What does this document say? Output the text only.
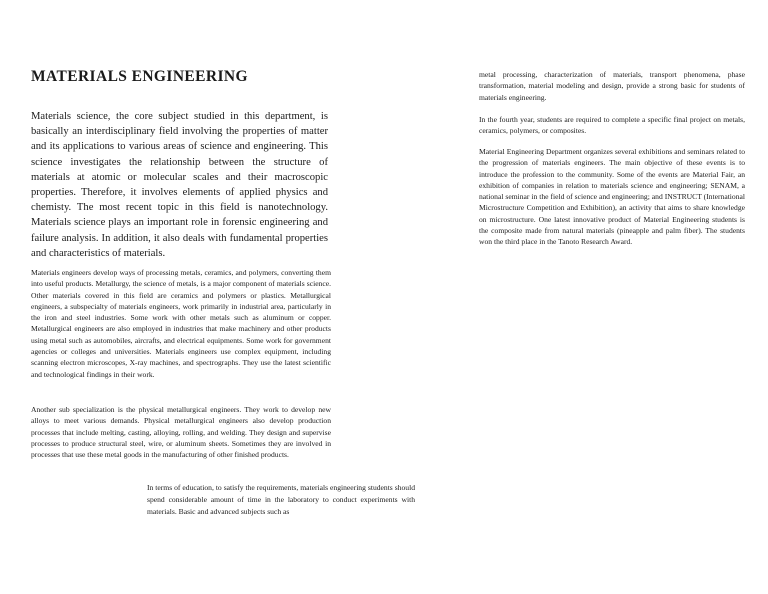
MATERIALS ENGINEERING

Materials science, the core subject studied in this department, is basically an interdisciplinary field involving the properties of matter and its applications to various areas of science and engineering. This science investigates the relationship between the structure of materials at atomic or molecular scales and their macroscopic properties. Therefore, it involves elements of applied physics and chemisty. The most recent topic in this field is nanotechnology. Materials science plays an important role in forensic engineering and failure analysis. In addition, it also deals with fundamental properties and characteristics of materials.

Materials engineers develop ways of processing metals, ceramics, and polymers, converting them into useful products. Metallurgy, the science of metals, is a major component of materials science. Other materials covered in this field are ceramics and polymers or plastics. Metallurgical engineers, a subspecialty of materials engineers, work primarily in industrial area, particularly in the iron and steel industries. Some work with other metals such as aluminum or copper. Metallurgical engineers are also employed in industries that make machinery and other products using metal such as automobiles, aircrafts, and electrical equipments. Some work for government agencies or colleges and universities. Materials engineers use complex equipment, including scanning electron microscopes, X-ray machines, and spectrographs. They use the latest scientific and technological findings in their work.

Another sub specialization is the physical metallurgical engineers. They work to develop new alloys to meet various demands. Physical metallurgical engineers also develop production processes that include melting, casting, alloying, rolling, and welding. They design and supervise processes to produce structural steel, wire, or aluminum sheets. Sometimes they are involved in processes that use these metal goods in the manufacturing of other finished products.

In terms of education, to satisfy the requirements, materials engineering students should spend considerable amount of time in the laboratory to conduct experiments with materials. Basic and advanced subjects such as

metal processing, characterization of materials, transport phenomena, phase transformation, material modeling and design, provide a strong basic for students of materials engineering.

In the fourth year, students are required to complete a specific final project on metals, ceramics, polymers, or composites.

Material Engineering Department organizes several exhibitions and seminars related to the progression of materials engineers. The main objective of these events is to introduce the profession to the community. Some of the events are Material Fair, an exhibition of companies in relation to materials science and engineering; SENAM, a national seminar in the field of science and engineering; and INSTRUCT (International Microstructure Competition and Exhibition), an activity that aims to share knowledge on microstructure. One latest innovative product of Material Engineering students is the composite made from natural materials (pineapple and palm fiber). The students won the third place in the Tanoto Research Award.
